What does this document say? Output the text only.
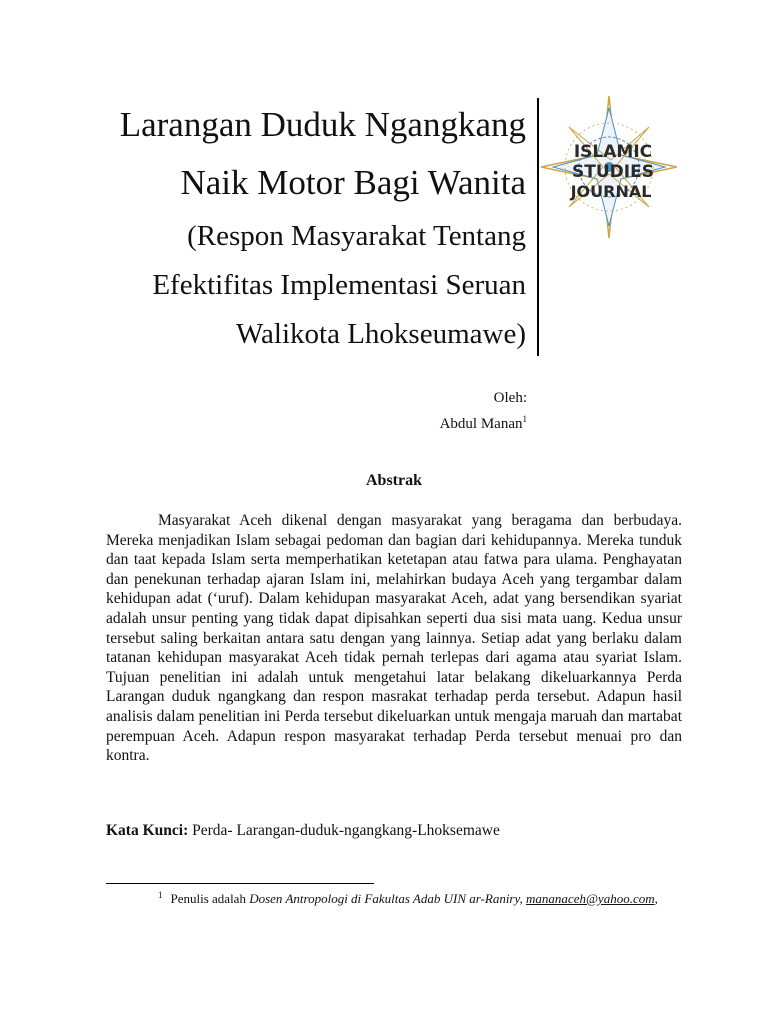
Larangan Duduk Ngangkang
Naik Motor Bagi Wanita
(Respon Masyarakat Tentang
Efektifitas Implementasi Seruan
Walikota Lhokseumawe)
ISLAMIC
STUDIES
JOURNAL
Oleh:
Abdul Manan$^1$
Abstrak
Masyarakat Aceh dikenal dengan masyarakat yang beragama dan berbudaya. Mereka menjadikan Islam sebagai pedoman dan bagian dari kehidupannya. Mereka tunduk dan taat kepada Islam serta memperhatikan ketetapan atau fatwa para ulama. Penghayatan dan penekunan terhadap ajaran Islam ini, melahirkan budaya Aceh yang tergambar dalam kehidupan adat (‘uruf). Dalam kehidupan masyarakat Aceh, adat yang bersendikan syariat adalah unsur penting yang tidak dapat dipisahkan seperti dua sisi mata uang. Kedua unsur tersebut saling berkaitan antara satu dengan yang lainnya. Setiap adat yang berlaku dalam tatanan kehidupan masyarakat Aceh tidak pernah terlepas dari agama atau syariat Islam. Tujuan penelitian ini adalah untuk mengetahui latar belakang dikeluarkannya Perda Larangan duduk ngangkang dan respon masrakat terhadap perda tersebut. Adapun hasil analisis dalam penelitian ini Perda tersebut dikeluarkan untuk mengaja maruah dan martabat perempuan Aceh. Adapun respon masyarakat terhadap Perda tersebut menuai pro dan kontra.
Kata Kunci: Perda- Larangan-duduk-ngangkang-Lhoksemawe
$^1$ Penulis adalah Dosen Antropologi di Fakultas Adab UIN ar-Raniry, mananaceh@yahoo.com,
